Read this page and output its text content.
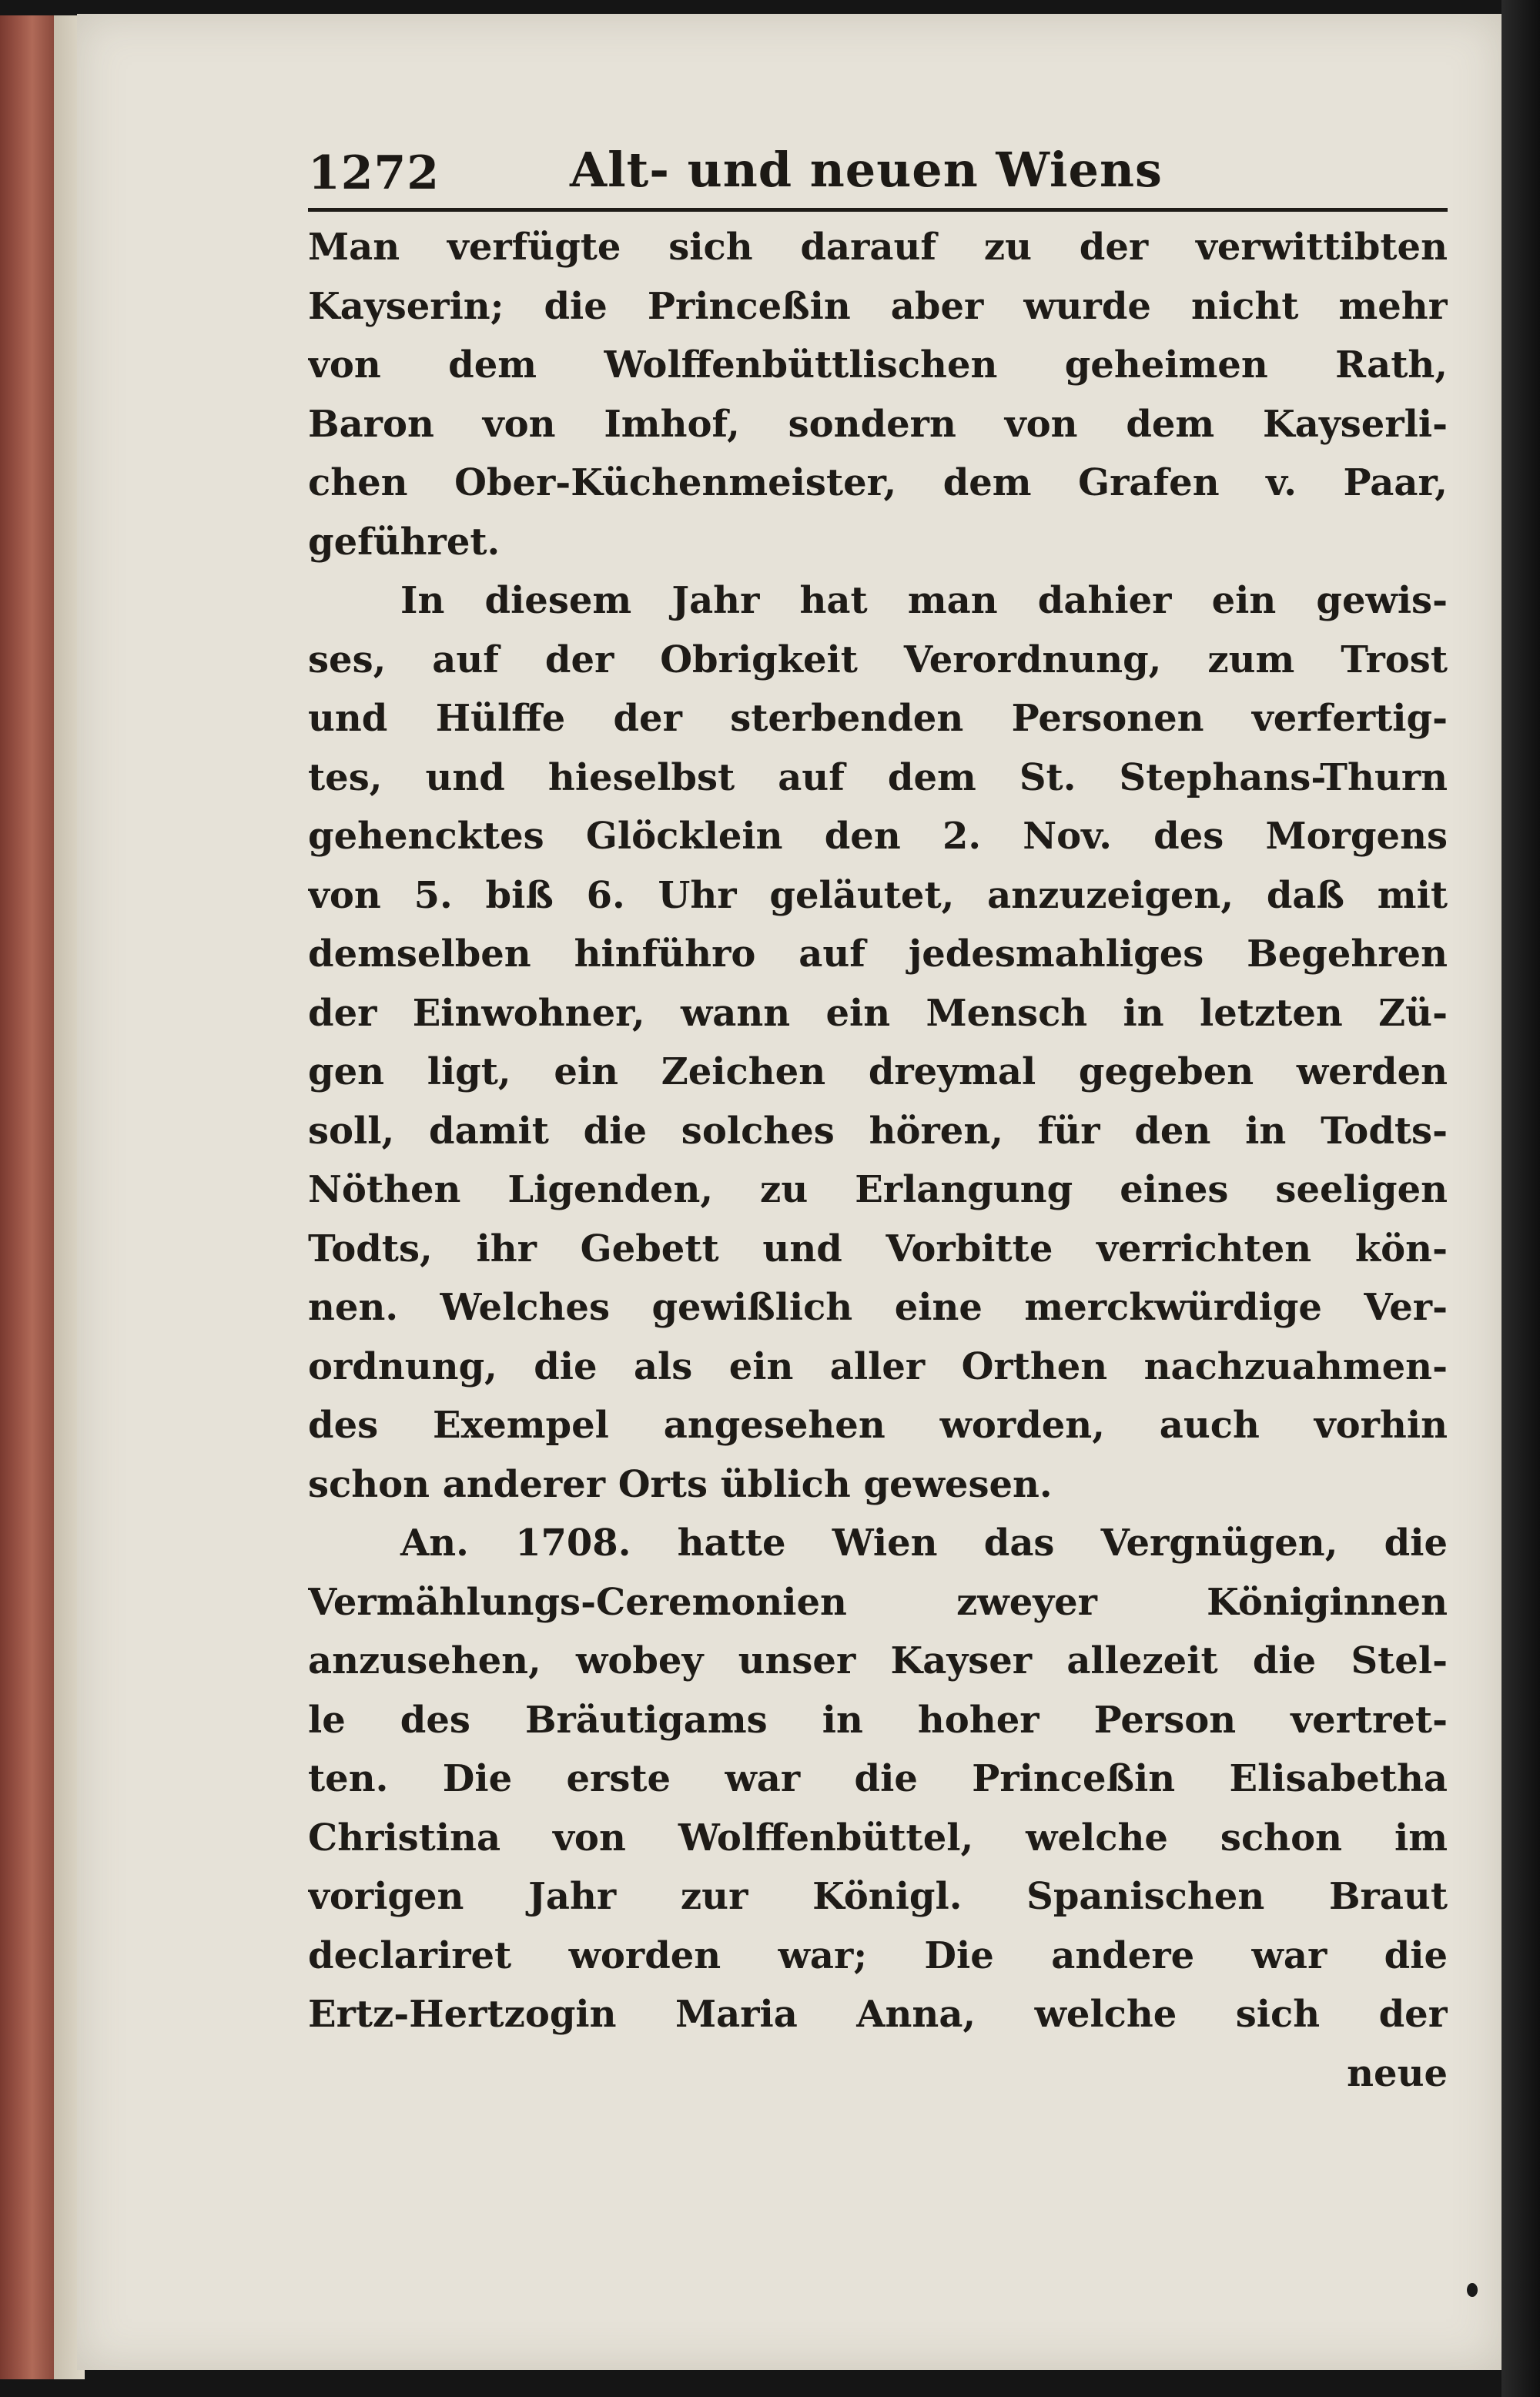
1272	Alt- und neuen Wiens
Man verfügte sich darauf zu der verwittibten
Kayserin; die Princeßin aber wurde nicht mehr
von dem Wolffenbüttlischen geheimen Rath,
Baron von Imhof, sondern von dem Kayserli-
chen Ober-Küchenmeister, dem Grafen v. Paar,
geführet.
In diesem Jahr hat man dahier ein gewis-
ses, auf der Obrigkeit Verordnung, zum Trost
und Hülffe der sterbenden Personen verfertig-
tes, und hieselbst auf dem St. Stephans-Thurn
gehencktes Glöcklein den 2. Nov. des Morgens
von 5. biß 6. Uhr geläutet, anzuzeigen, daß mit
demselben hinführo auf jedesmahliges Begehren
der Einwohner, wann ein Mensch in letzten Zü-
gen ligt, ein Zeichen dreymal gegeben werden
soll, damit die solches hören, für den in Todts-
Nöthen Ligenden, zu Erlangung eines seeligen
Todts, ihr Gebett und Vorbitte verrichten kön-
nen. Welches gewißlich eine merckwürdige Ver-
ordnung, die als ein aller Orthen nachzuahmen-
des Exempel angesehen worden, auch vorhin
schon anderer Orts üblich gewesen.
An. 1708. hatte Wien das Vergnügen, die
Vermählungs-Ceremonien zweyer Königinnen
anzusehen, wobey unser Kayser allezeit die Stel-
le des Bräutigams in hoher Person vertret-
ten. Die erste war die Princeßin Elisabetha
Christina von Wolffenbüttel, welche schon im
vorigen Jahr zur Königl. Spanischen Braut
declariret worden war; Die andere war die
Ertz-Hertzogin Maria Anna, welche sich der
neue
